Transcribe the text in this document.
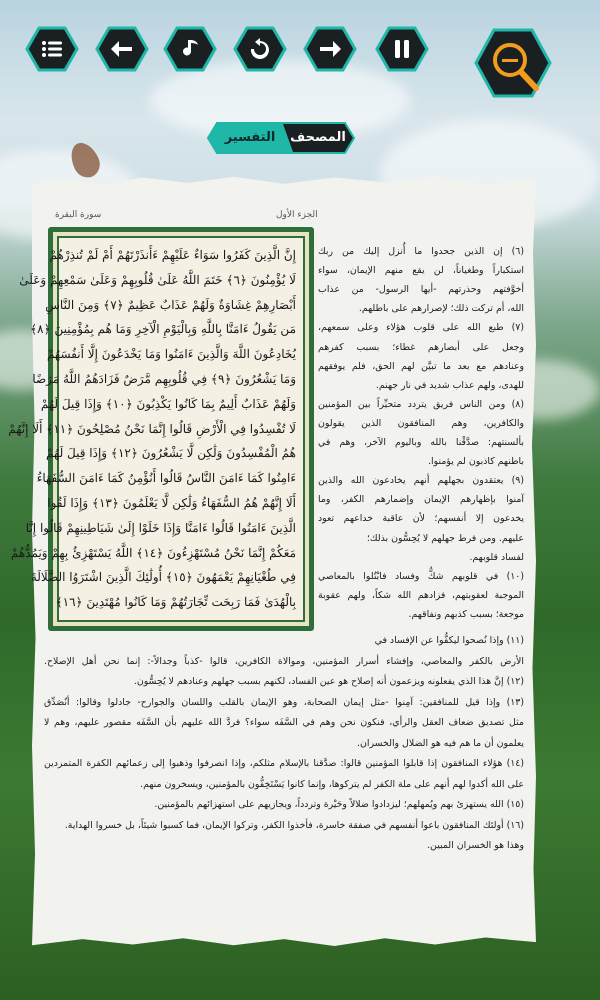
التفسير	المصحف
الجزء الأول
سورة البقرة
إِنَّ الَّذِينَ كَفَرُوا سَوَاءٌ عَلَيْهِمْ ءَأَنذَرْتَهُمْ أَمْ لَمْ تُنذِرْهُمْ
لَا يُؤْمِنُونَ ﴿٦﴾ خَتَمَ اللَّهُ عَلَىٰ قُلُوبِهِمْ وَعَلَىٰ سَمْعِهِمْ وَعَلَىٰ
أَبْصَارِهِمْ غِشَاوَةٌ وَلَهُمْ عَذَابٌ عَظِيمٌ ﴿٧﴾ وَمِنَ النَّاسِ
مَن يَقُولُ ءَامَنَّا بِاللَّهِ وَبِالْيَوْمِ الْآخِرِ وَمَا هُم بِمُؤْمِنِينَ ﴿٨﴾
يُخَادِعُونَ اللَّهَ وَالَّذِينَ ءَامَنُوا وَمَا يَخْدَعُونَ إِلَّا أَنفُسَهُمْ
وَمَا يَشْعُرُونَ ﴿٩﴾ فِي قُلُوبِهِم مَّرَضٌ فَزَادَهُمُ اللَّهُ مَرَضًا
وَلَهُمْ عَذَابٌ أَلِيمٌ بِمَا كَانُوا يَكْذِبُونَ ﴿١٠﴾ وَإِذَا قِيلَ لَهُمْ
لَا تُفْسِدُوا فِي الْأَرْضِ قَالُوا إِنَّمَا نَحْنُ مُصْلِحُونَ ﴿١١﴾ أَلَا إِنَّهُمْ
هُمُ الْمُفْسِدُونَ وَلَٰكِن لَّا يَشْعُرُونَ ﴿١٢﴾ وَإِذَا قِيلَ لَهُمْ
ءَامِنُوا كَمَا ءَامَنَ النَّاسُ قَالُوا أَنُؤْمِنُ كَمَا ءَامَنَ السُّفَهَاءُ
أَلَا إِنَّهُمْ هُمُ السُّفَهَاءُ وَلَٰكِن لَّا يَعْلَمُونَ ﴿١٣﴾ وَإِذَا لَقُوا
الَّذِينَ ءَامَنُوا قَالُوا ءَامَنَّا وَإِذَا خَلَوْا إِلَىٰ شَيَاطِينِهِمْ قَالُوا إِنَّا
مَعَكُمْ إِنَّمَا نَحْنُ مُسْتَهْزِءُونَ ﴿١٤﴾ اللَّهُ يَسْتَهْزِئُ بِهِمْ وَيَمُدُّهُمْ
فِي طُغْيَانِهِمْ يَعْمَهُونَ ﴿١٥﴾ أُولَٰئِكَ الَّذِينَ اشْتَرَوُا الضَّلَالَةَ
بِالْهُدَىٰ فَمَا رَبِحَت تِّجَارَتُهُمْ وَمَا كَانُوا مُهْتَدِينَ ﴿١٦﴾
(٦) إن الذين جحدوا ما أُنزل إليك من ربك
استكباراً وطغياناً، لن يقع منهم الإيمان، سواء
أخوَّفتهم وحذرتهم -أيها الرسول- من عذاب
الله، أم تركت ذلك؛ لإصرارهم على باطلهم.
(٧) طبع الله على قلوب هؤلاء وعلى سمعهم،
وجعل على أبصارهم غطاء؛ بسبب كفرهم
وعنادهم مع بعد ما تبيَّن لهم الحق، فلم يوفقهم
للهدى، ولهم عذاب شديد في نار جهنم.
(٨) ومن الناس فريق يتردد متحيِّراً بين المؤمنين
والكافرين، وهم المنافقون الذين يقولون
بألسنتهم: صدَّقْنا بالله وباليوم الآخر، وهم في
باطنهم كاذبون لم يؤمنوا.
(٩) يعتقدون بجهلهم أنهم يخادعون الله والذين
آمنوا بإظهارهم الإيمان وإضمارهم الكفر، وما
يخدعون إلا أنفسهم؛ لأن عاقبة خداعهم تعود
عليهم. ومن فرط جهلهم لا يُحِسُّون بذلك؛
لفساد قلوبهم.
(١٠) في قلوبهم شكٌّ وفساد فابْتُلوا بالمعاصي
الموجبة لعقوبتهم، فزادهم الله شكاً، ولهم عقوبة
موجعة؛ بسبب كذبهم ونفاقهم.
(١١) وإذا نُصحوا ليكفُّوا عن الإفساد في
الأرض بالكفر والمعاصي، وإفشاء أسرار المؤمنين، وموالاة الكافرين، قالوا -كذباً وجدالاً-: إنما نحن أهل الإصلاح.
(١٢) إنَّ هذا الذي يفعلونه ويزعمون أنه إصلاح هو عين الفساد، لكنهم بسبب جهلهم وعنادهم لا يُحِسُّون.
(١٣) وإذا قيل للمنافقين: آمِنوا -مثل إيمان الصحابة، وهو الإيمان بالقلب واللسان والجوارح- جادلوا وقالوا: أنُصَدِّق
مثل تصديق ضعاف العقل والرأي، فنكون نحن وهم في السَّفَه سواء؟ فردَّ الله عليهم بأن السَّفَه مقصور عليهم، وهم لا
يعلمون أن ما هم فيه هو الضلال والخسران.
(١٤) هؤلاء المنافقون إذا قابلوا المؤمنين قالوا: صدَّقنا بالإسلام مثلكم، وإذا انصرفوا وذهبوا إلى زعمائهم الكفرة المتمردين
على الله أكدوا لهم أنهم على ملة الكفر لم يتركوها، وإنما كانوا يَسْتَخِفُّون بالمؤمنين، ويسخرون منهم.
(١٥) الله يستهزئ بهم ويُمهلهم؛ ليزدادوا ضلالاً وحَيْرة وتردداً، ويجازيهم على استهزائهم بالمؤمنين.
(١٦) أولئك المنافقون باعوا أنفسهم في صفقة خاسرة، فأخذوا الكفر، وتركوا الإيمان، فما كسبوا شيئاً، بل خسروا الهداية.
وهذا هو الخسران المبين.
